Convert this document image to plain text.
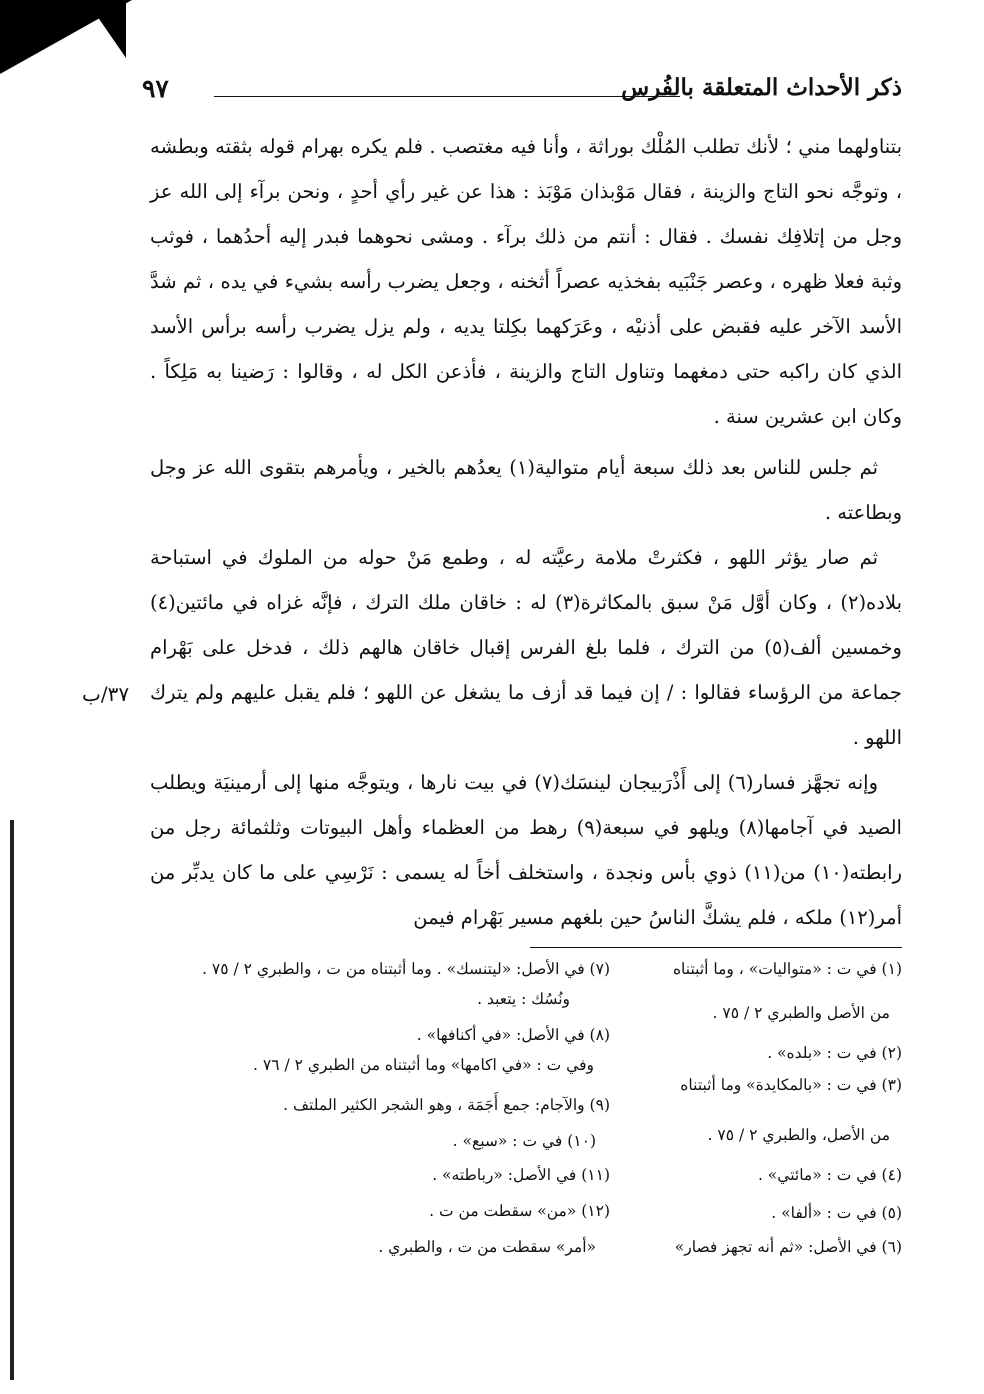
ذكر الأحداث المتعلقة بالفُرس
٩٧

بتناولهما مني ؛ لأنك تطلب المُلْك بوراثة ، وأنا فيه مغتصب . فلم يكره بهرام قوله بثقته وبطشه ، وتوجَّه نحو التاج والزينة ، فقال مَوْبذان مَوْبَذ : هذا عن غير رأي أحدٍ ، ونحن برآء إلى الله عز وجل من إتلافِك نفسك . فقال : أنتم من ذلك برآء . ومشى نحوهما فبدر إليه أحدُهما ، فوثب وثبة فعلا ظهره ، وعصر جَنْبَيه بفخذيه عصراً أثخنه ، وجعل يضرب رأسه بشيء في يده ، ثم شدَّ الأسد الآخر عليه فقبض على أذنيْه ، وعَرَكهما بكِلتا يديه ، ولم يزل يضرب رأسه برأس الأسد الذي كان راكبه حتى دمغهما وتناول التاج والزينة ، فأذعن الكل له ، وقالوا : رَضينا به مَلِكاً . وكان ابن عشرين سنة .

ثم جلس للناس بعد ذلك سبعة أيام متوالية(١) يعدُهم بالخير ، ويأمرهم بتقوى الله عز وجل وبطاعته .

ثم صار يؤثر اللهو ، فكثرتْ ملامة رعيَّته له ، وطمع مَنْ حوله من الملوك في استباحة بلاده(٢) ، وكان أوَّل مَنْ سبق بالمكاثرة(٣) له : خاقان ملك الترك ، فإنَّه غزاه في مائتين(٤) وخمسين ألف(٥) من الترك ، فلما بلغ الفرس إقبال خاقان هالهم ذلك ، فدخل على بَهْرام جماعة من الرؤساء فقالوا : / إن فيما قد أزف ما يشغل عن اللهو ؛ فلم يقبل عليهم ولم يترك اللهو .

وإنه تجهَّز فسار(٦) إلى أَذْرَبيجان لينسَك(٧) في بيت نارها ، ويتوجَّه منها إلى أرمينيَة ويطلب الصيد في آجامها(٨) ويلهو في سبعة(٩) رهط من العظماء وأهل البيوتات وثلثمائة رجل من رابطته(١٠) من(١١) ذوي بأس ونجدة ، واستخلف أخاً له يسمى : نَرْسِي على ما كان يدبِّر من أمر(١٢) ملكه ، فلم يشكَّ الناسُ حين بلغهم مسير بَهْرام فيمن

٣٧/ب
(١) في ت : «متواليات» ، وما أثبتناه
من الأصل والطبري ٢ / ٧٥ .
(٢) في ت : «بلده» .
(٣) في ت : «بالمكايدة» وما أثبتناه
من الأصل، والطبري ٢ / ٧٥ .
(٤) في ت : «مائتي» .
(٥) في ت : «ألفا» .
(٦) في الأصل: «ثم أنه تجهز فصار»
(٧) في الأصل: «ليتنسك» . وما أثبتناه من ت ، والطبري ٢ / ٧٥ .
ونُسُك : يتعبد .
(٨) في الأصل: «في أكنافها» .
وفي ت : «في اكامها» وما أثبتناه من الطبري ٢ / ٧٦ .
(٩) والآجام: جمع أَجَمَة ، وهو الشجر الكثير الملتف .
(١٠) في ت : «سبع» .
(١١) في الأصل: «رباطته» .
(١٢) «من» سقطت من ت .
«أمر» سقطت من ت ، والطبري .
